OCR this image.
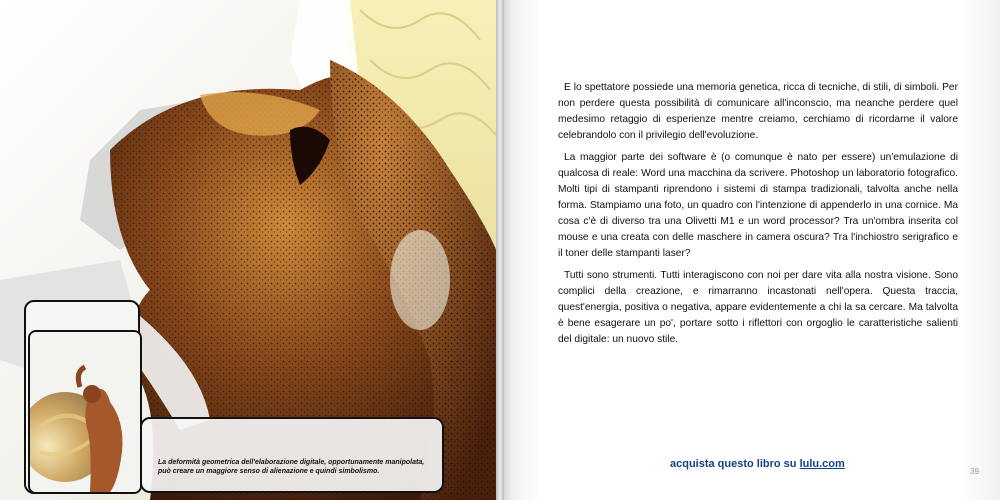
La deformità geometrica dell'elaborazione digitale, opportunamente manipolata, può creare un maggiore senso di alienazione e quindi simbolismo.

E lo spettatore possiede una memoria genetica, ricca di tecniche, di stili, di simboli. Per non perdere questa possibilità di comunicare all'inconscio, ma neanche perdere quel medesimo retaggio di esperienze mentre creiamo, cerchiamo di ricordarne il valore celebrandolo con il privilegio dell'evoluzione.

La maggior parte dei software è (o comunque è nato per essere) un'emulazione di qualcosa di reale: Word una macchina da scrivere. Photoshop un laboratorio fotografico. Molti tipi di stampanti riprendono i sistemi di stampa tradizionali, talvolta anche nella forma. Stampiamo una foto, un quadro con l'intenzione di appenderlo in una cornice. Ma cosa c'è di diverso tra una Olivetti M1 e un word processor? Tra un'ombra inserita col mouse e una creata con delle maschere in camera oscura? Tra l'inchiostro serigrafico e il toner delle stampanti laser?

Tutti sono strumenti. Tutti interagiscono con noi per dare vita alla nostra visione. Sono complici della creazione, e rimarranno incastonati nell'opera. Questa traccia, quest'energia, positiva o negativa, appare evidentemente a chi la sa cercare. Ma talvolta è bene esagerare un po', portare sotto i riflettori con orgoglio le caratteristiche salienti del digitale: un nuovo stile.

acquista questo libro su lulu.com
39
